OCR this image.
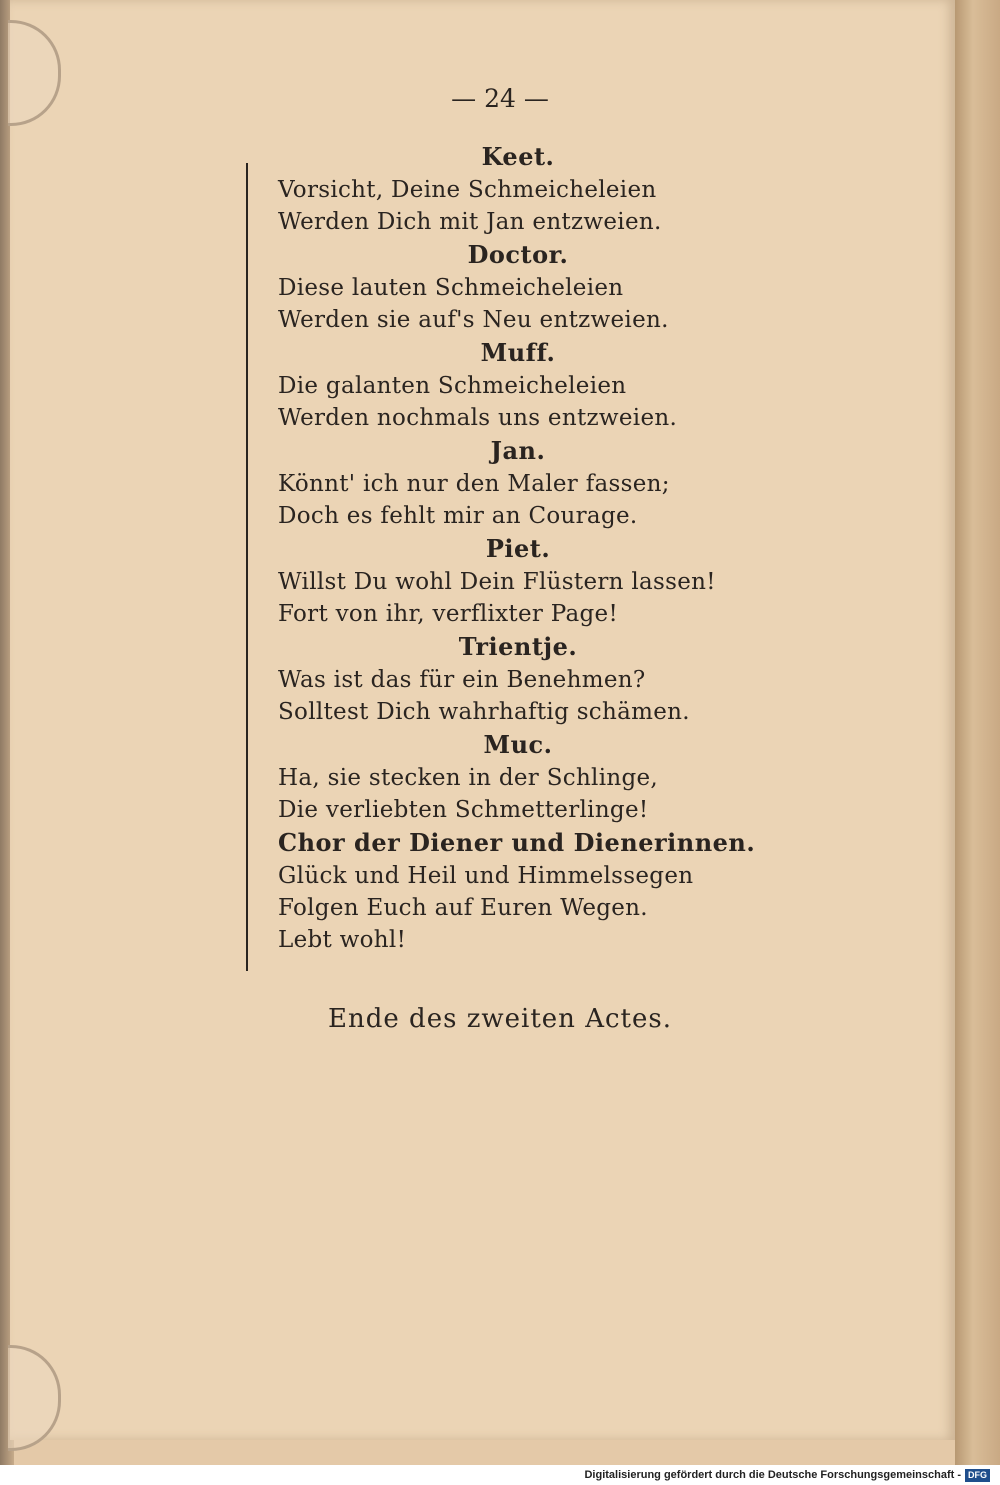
— 24 —
Keet.
Vorsicht, Deine Schmeicheleien
Werden Dich mit Jan entzweien.
Doctor.
Diese lauten Schmeicheleien
Werden sie auf's Neu entzweien.
Muff.
Die galanten Schmeicheleien
Werden nochmals uns entzweien.
Jan.
Könnt' ich nur den Maler fassen;
Doch es fehlt mir an Courage.
Piet.
Willst Du wohl Dein Flüstern lassen!
Fort von ihr, verflixter Page!
Trientje.
Was ist das für ein Benehmen?
Solltest Dich wahrhaftig schämen.
Muc.
Ha, sie stecken in der Schlinge,
Die verliebten Schmetterlinge!
Chor der Diener und Dienerinnen.
Glück und Heil und Himmelssegen
Folgen Euch auf Euren Wegen.
Lebt wohl!
Ende des zweiten Actes.
Digitalisierung gefördert durch die Deutsche Forschungsgemeinschaft - DFG
